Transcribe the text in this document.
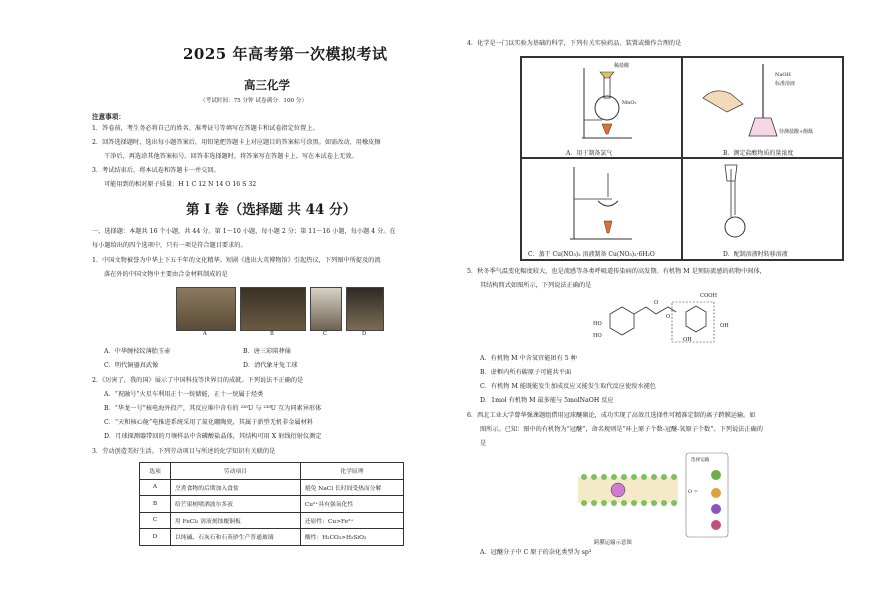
2025 年高考第一次模拟考试
高三化学
（考试时间：75 分钟 试卷满分：100 分）
注意事项：
1．答卷前，考生务必将自己的姓名、准考证号等填写在答题卡和试卷指定位置上。
2．回答选择题时，选出每小题答案后，用铅笔把答题卡上对应题目的答案标号涂黑。如需改动，用橡皮擦
干净后，再选涂其他答案标号。回答非选择题时，将答案写在答题卡上。写在本试卷上无效。
3．考试结束后，将本试卷和答题卡一并交回。
可能用到的相对原子质量：H 1 C 12 N 14 O 16 S 32
第 I 卷（选择题 共 44 分）
一、选择题：本题共 16 个小题，共 44 分。第 1～10 小题，每小题 2 分；第 11～16 小题，每小题 4 分。在
每小题给出的四个选项中，只有一项是符合题目要求的。
1．中国文物被誉为中华上下五千年的文化精华。短剧《逃出大英博物馆》引起热议，下列图中所提及的流
落在外的中国文物中主要由合金材料制成的是
A	B	C	D
A．中华缠枝纹薄胎玉壶	B．唐三彩陪葬俑
C．明代铜鎏真武像	D．清代象牙兔工球
2．《厉害了，我的国》展示了中国科技等世界目的成就。下列说法不正确的是
A．“祝融号”火星车利用正十一烷储能，正十一烷属于烃类
B．“华龙一号”核电海外投产，其反应堆中含有的 ²³⁵U 与 ²³⁸U 互为同素异形体
C．“天和核心舱”电推进系统采用了氮化硼陶瓷，其属于新型无机非金属材料
D．月球探测器带回的月壤样品中含磷酸盐晶体，其结构可用 X 射线衍射仪测定
3．劳动创造美好生活。下列劳动项目与所述的化学知识有关联的是
选项	劳动项目	化学原理
A	烹煮食物的后期加入食盐	避免 NaCl 长时间受热而分解
B	给芒果树喷洒波尔多液	Cu²⁺具有强氧化性
C	用 FeCl₃ 溶液刻蚀覆铜板	还原性：Cu>Fe²⁺
D	以纯碱、石灰石和石英砂生产普通玻璃	酸性：H₂CO₃>H₂SiO₃
4．化学是一门以实验为基础的科学，下列有关实验药品、装置或操作合理的是
稀盐酸
MnO₂
A．用于制备氯气
NaOH
标准溶液
待测盐酸+酚酞
B．测定盐酸物质的量浓度
C．蒸干 Cu(NO₃)₂ 溶液制备 Cu(NO₃)₂·6H₂O	D．配制溶液时转移溶液
5．秋冬季气温变化幅度较大，也是流感等各类呼吸道传染病的高发期。有机物 M 是预防流感的药物中间体，
其结构简式如图所示，下列说法正确的是
HO
HO
COOH
OH
OH
O
O
A．有机物 M 中含氧官能团有 5 种
B．虚框内所有碳原子可能共平面
C．有机物 M 能既能发生加成反应又能发生取代反应使溴水褪色
D．1mol 有机物 M 最多能与 5molNaOH 反应
6．西北工业大学曾华强课题组借用冠球醚砌论，成功实现了高效且选择性可精准定制的离子跨膜运输。如
图所示。已知：图中的有机物为“冠醚”，命名规则是“环上原子个数-冠醚-氧原子个数”。下列说法正确的
是
选择运输
O =
跨膜运输示意图
A．冠醚分子中 C 原子的杂化类型为 sp³
